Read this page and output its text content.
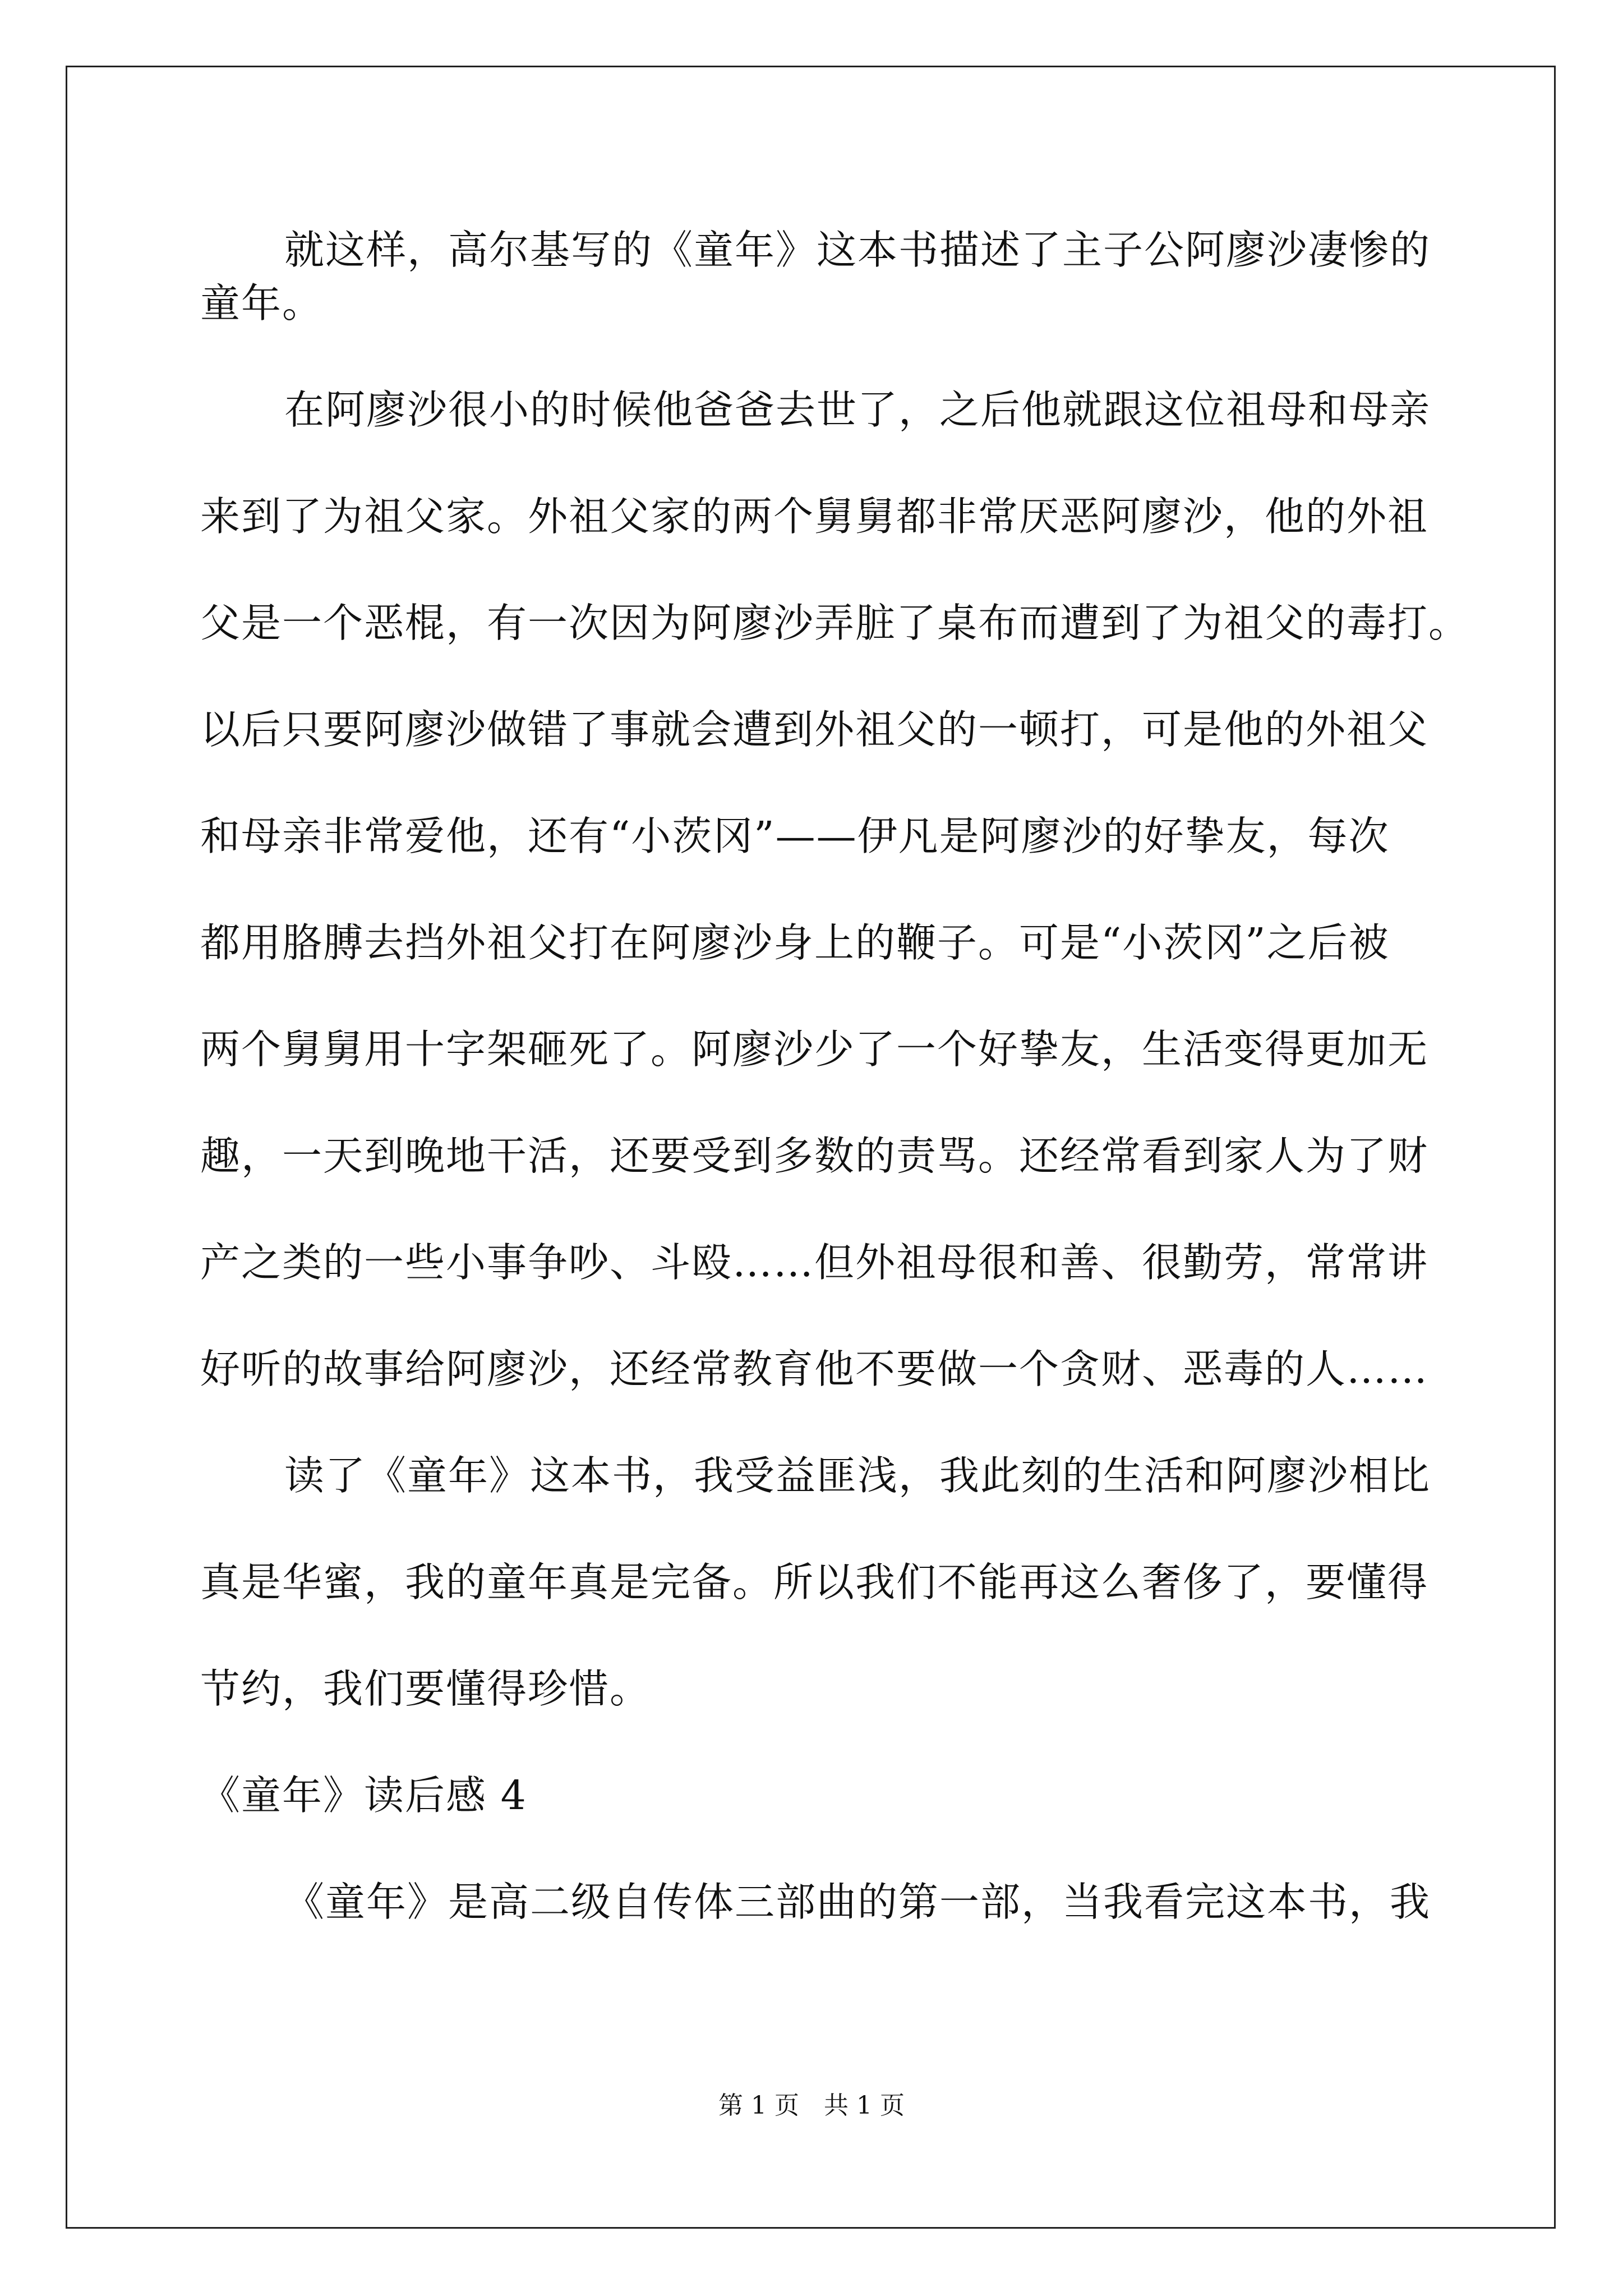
就这样，高尔基写的《童年》这本书描述了主子公阿廖沙凄惨的
童年。
在阿廖沙很小的时候他爸爸去世了，之后他就跟这位祖母和母亲
来到了为祖父家。外祖父家的两个舅舅都非常厌恶阿廖沙，他的外祖
父是一个恶棍，有一次因为阿廖沙弄脏了桌布而遭到了为祖父的毒打。
以后只要阿廖沙做错了事就会遭到外祖父的一顿打，可是他的外祖父
和母亲非常爱他，还有“小茨冈”——伊凡是阿廖沙的好挚友，每次
都用胳膊去挡外祖父打在阿廖沙身上的鞭子。可是“小茨冈”之后被
两个舅舅用十字架砸死了。阿廖沙少了一个好挚友，生活变得更加无
趣，一天到晚地干活，还要受到多数的责骂。还经常看到家人为了财
产之类的一些小事争吵、斗殴……但外祖母很和善、很勤劳，常常讲
好听的故事给阿廖沙，还经常教育他不要做一个贪财、恶毒的人……
读了《童年》这本书，我受益匪浅，我此刻的生活和阿廖沙相比
真是华蜜，我的童年真是完备。所以我们不能再这么奢侈了，要懂得
节约，我们要懂得珍惜。
《童年》读后感 4
《童年》是高二级自传体三部曲的第一部，当我看完这本书，我
第 1 页　共 1 页
